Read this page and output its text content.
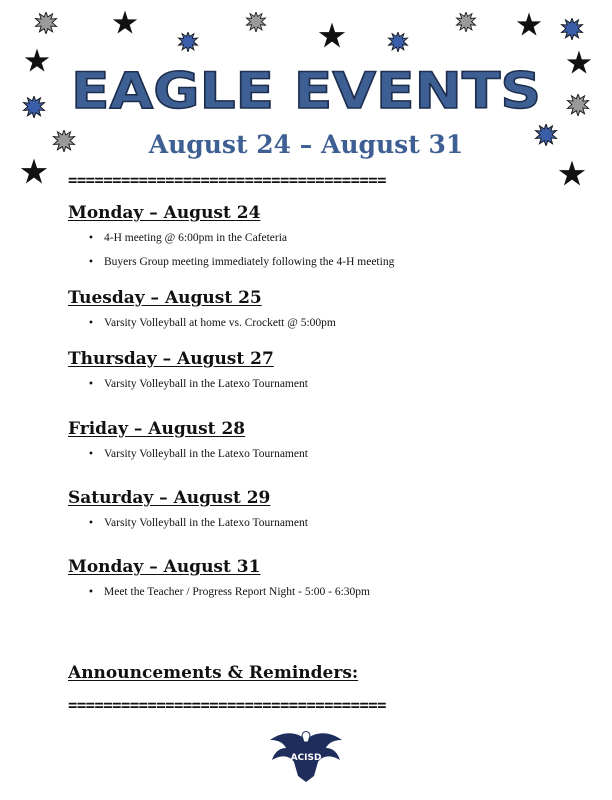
EAGLE EVENTS
August 24 – August 31
====================================
Monday – August 24
• 4-H meeting @ 6:00pm in the Cafeteria
• Buyers Group meeting immediately following the 4-H meeting
Tuesday – August 25
• Varsity Volleyball at home vs. Crockett @ 5:00pm
Thursday – August 27
• Varsity Volleyball in the Latexo Tournament
Friday – August 28
• Varsity Volleyball in the Latexo Tournament
Saturday – August 29
• Varsity Volleyball in the Latexo Tournament
Monday – August 31
• Meet the Teacher / Progress Report Night - 5:00 - 6:30pm
Announcements & Reminders:
====================================
ACISD
